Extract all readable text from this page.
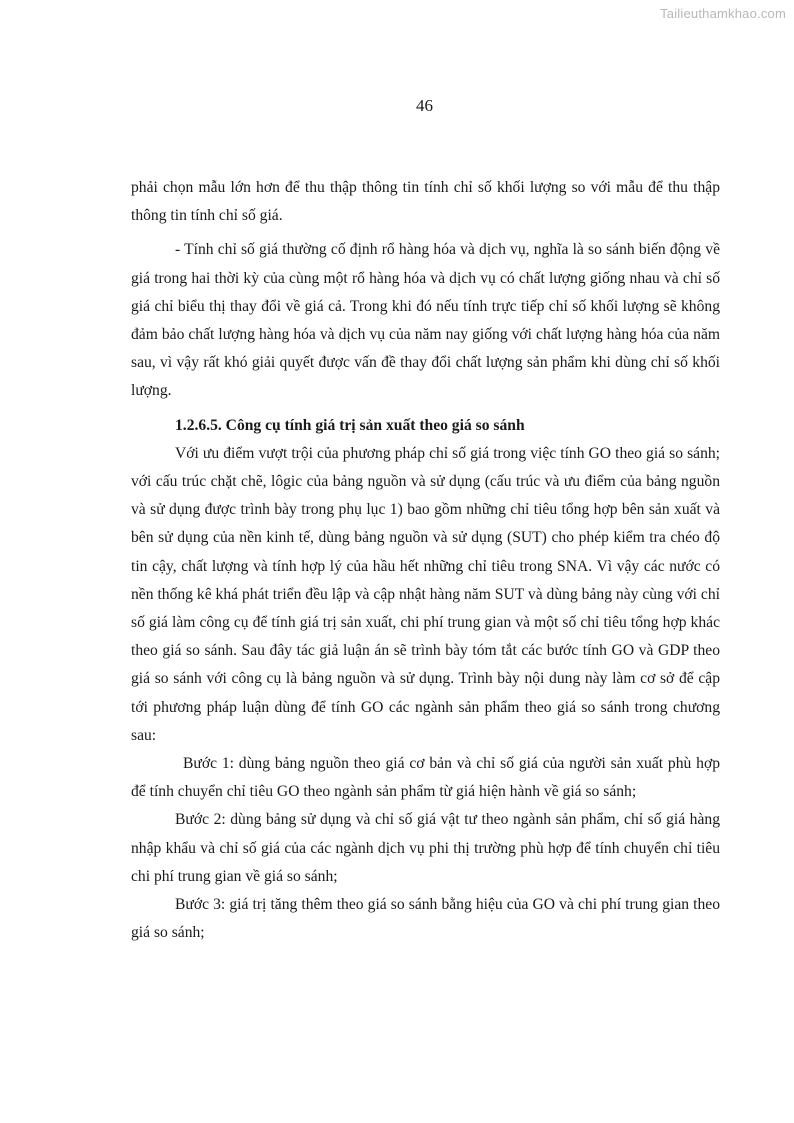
Tailieuthamkhao.com
46

phải chọn mẫu lớn hơn để thu thập thông tin tính chỉ số khối lượng so với mẫu để thu thập thông tin tính chỉ số giá.

- Tính chỉ số giá thường cố định rổ hàng hóa và dịch vụ, nghĩa là so sánh biến động về giá trong hai thời kỳ của cùng một rổ hàng hóa và dịch vụ có chất lượng giống nhau và chỉ số giá chỉ biểu thị thay đổi về giá cả. Trong khi đó nếu tính trực tiếp chỉ số khối lượng sẽ không đảm bảo chất lượng hàng hóa và dịch vụ của năm nay giống với chất lượng hàng hóa của năm sau, vì vậy rất khó giải quyết được vấn đề thay đổi chất lượng sản phẩm khi dùng chỉ số khối lượng.

1.2.6.5. Công cụ tính giá trị sản xuất theo giá so sánh

Với ưu điểm vượt trội của phương pháp chỉ số giá trong việc tính GO theo giá so sánh; với cấu trúc chặt chẽ, lôgic của bảng nguồn và sử dụng (cấu trúc và ưu điểm của bảng nguồn và sử dụng được trình bày trong phụ lục 1) bao gồm những chỉ tiêu tổng hợp bên sản xuất và bên sử dụng của nền kinh tế, dùng bảng nguồn và sử dụng (SUT) cho phép kiểm tra chéo độ tin cậy, chất lượng và tính hợp lý của hầu hết những chỉ tiêu trong SNA. Vì vậy các nước có nền thống kê khá phát triển đều lập và cập nhật hàng năm SUT và dùng bảng này cùng với chỉ số giá làm công cụ để tính giá trị sản xuất, chi phí trung gian và một số chỉ tiêu tổng hợp khác theo giá so sánh. Sau đây tác giả luận án sẽ trình bày tóm tắt các bước tính GO và GDP theo giá so sánh với công cụ là bảng nguồn và sử dụng. Trình bày nội dung này làm cơ sở để cập tới phương pháp luận dùng để tính GO các ngành sản phẩm theo giá so sánh trong chương sau:

Bước 1: dùng bảng nguồn theo giá cơ bản và chỉ số giá của người sản xuất phù hợp để tính chuyển chỉ tiêu GO theo ngành sản phẩm từ giá hiện hành về giá so sánh;

Bước 2: dùng bảng sử dụng và chỉ số giá vật tư theo ngành sản phẩm, chỉ số giá hàng nhập khẩu và chỉ số giá của các ngành dịch vụ phi thị trường phù hợp để tính chuyển chỉ tiêu chi phí trung gian về giá so sánh;

Bước 3: giá trị tăng thêm theo giá so sánh bằng hiệu của GO và chi phí trung gian theo giá so sánh;
